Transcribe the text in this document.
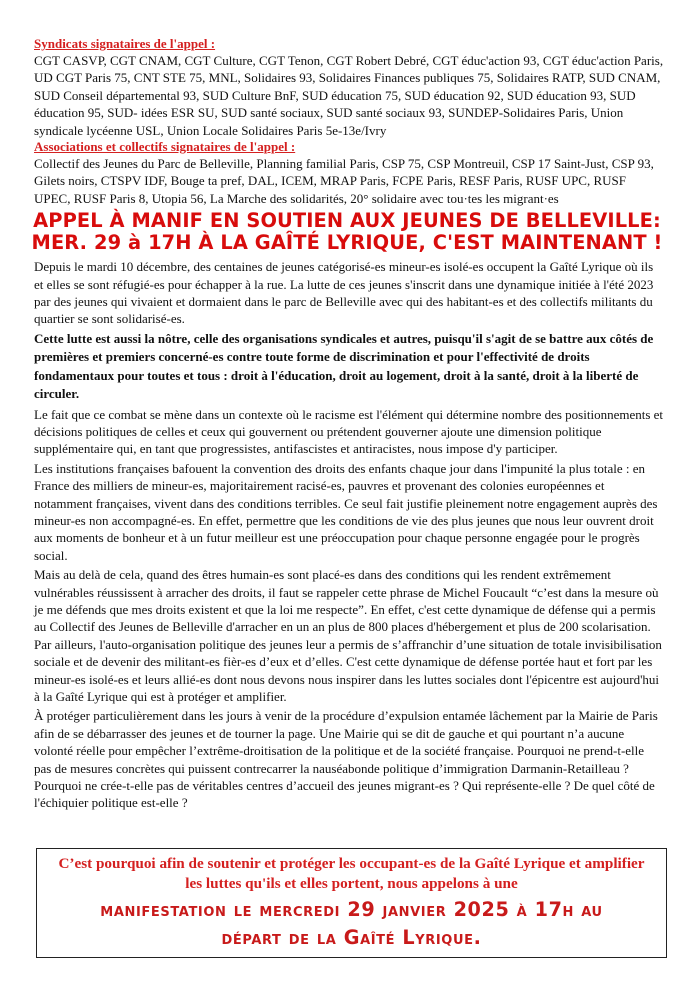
Syndicats signataires de l'appel :
CGT CASVP, CGT CNAM, CGT Culture, CGT Tenon, CGT Robert Debré, CGT éduc'action 93, CGT éduc'action Paris, UD CGT Paris 75, CNT STE 75, MNL, Solidaires 93, Solidaires Finances publiques 75, Solidaires RATP, SUD CNAM, SUD Conseil départemental 93, SUD Culture BnF, SUD éducation 75, SUD éducation 92, SUD éducation 93, SUD éducation 95, SUD- idées ESR SU, SUD santé sociaux, SUD santé sociaux 93, SUNDEP-Solidaires Paris, Union syndicale lycéenne USL, Union Locale Solidaires Paris 5e-13e/Ivry
Associations et collectifs signataires de l'appel :
Collectif des Jeunes du Parc de Belleville, Planning familial Paris, CSP 75, CSP Montreuil, CSP 17 Saint-Just, CSP 93, Gilets noirs, CTSPV IDF, Bouge ta pref, DAL, ICEM, MRAP Paris, FCPE Paris, RESF Paris, RUSF UPC, RUSF UPEC, RUSF Paris 8, Utopia 56, La Marche des solidarités, 20° solidaire avec tou·tes les migrant·es
APPEL À MANIF EN SOUTIEN AUX JEUNES DE BELLEVILLE:
MER. 29 à 17H À LA GAÎTÉ LYRIQUE, C'EST MAINTENANT !

Depuis le mardi 10 décembre, des centaines de jeunes catégorisé-es mineur-es isolé-es occupent la Gaîté Lyrique où ils et elles se sont réfugié-es pour échapper à la rue. La lutte de ces jeunes s'inscrit dans une dynamique initiée à l'été 2023 par des jeunes qui vivaient et dormaient dans le parc de Belleville avec qui des habitant-es et des collectifs militants du quartier se sont solidarisé-es.

Cette lutte est aussi la nôtre, celle des organisations syndicales et autres, puisqu'il s'agit de se battre aux côtés de premières et premiers concerné-es contre toute forme de discrimination et pour l'effectivité de droits fondamentaux pour toutes et tous : droit à l'éducation, droit au logement, droit à la santé, droit à la liberté de circuler.

Le fait que ce combat se mène dans un contexte où le racisme est l'élément qui détermine nombre des positionnements et décisions politiques de celles et ceux qui gouvernent ou prétendent gouverner ajoute une dimension politique supplémentaire qui, en tant que progressistes, antifascistes et antiracistes, nous impose d'y participer.

Les institutions françaises bafouent la convention des droits des enfants chaque jour dans l'impunité la plus totale : en France des milliers de mineur-es, majoritairement racisé-es, pauvres et provenant des colonies européennes et notamment françaises, vivent dans des conditions terribles. Ce seul fait justifie pleinement notre engagement auprès des mineur-es non accompagné-es. En effet, permettre que les conditions de vie des plus jeunes que nous leur ouvrent droit aux moments de bonheur et à un futur meilleur est une préoccupation pour chaque personne engagée pour le progrès social.

Mais au delà de cela, quand des êtres humain-es sont placé-es dans des conditions qui les rendent extrêmement vulnérables réussissent à arracher des droits, il faut se rappeler cette phrase de Michel Foucault “c’est dans la mesure où je me défends que mes droits existent et que la loi me respecte”. En effet, c'est cette dynamique de défense qui a permis au Collectif des Jeunes de Belleville d'arracher en un an plus de 800 places d'hébergement et plus de 200 scolarisation. Par ailleurs, l'auto-organisation politique des jeunes leur a permis de s’affranchir d’une situation de totale invisibilisation sociale et de devenir des militant-es fièr-es d’eux et d’elles. C'est cette dynamique de défense portée haut et fort par les mineur-es isolé-es et leurs allié-es dont nous devons nous inspirer dans les luttes sociales dont l'épicentre est aujourd'hui à la Gaîté Lyrique qui est à protéger et amplifier.

À protéger particulièrement dans les jours à venir de la procédure d’expulsion entamée lâchement par la Mairie de Paris afin de se débarrasser des jeunes et de tourner la page. Une Mairie qui se dit de gauche et qui pourtant n’a aucune volonté réelle pour empêcher l’extrême-droitisation de la politique et de la société française. Pourquoi ne prend-t-elle pas de mesures concrètes qui puissent contrecarrer la nauséabonde politique d’immigration Darmanin-Retailleau ? Pourquoi ne crée-t-elle pas de véritables centres d’accueil des jeunes migrant-es ? Qui représente-elle ? De quel côté de l'échiquier politique est-elle ?

C’est pourquoi afin de soutenir et protéger les occupant-es de la Gaîté Lyrique et amplifier les luttes qu'ils et elles portent, nous appelons à une
manifestation le mercredi 29 janvier 2025 à 17h au
départ de la Gaîté Lyrique.
